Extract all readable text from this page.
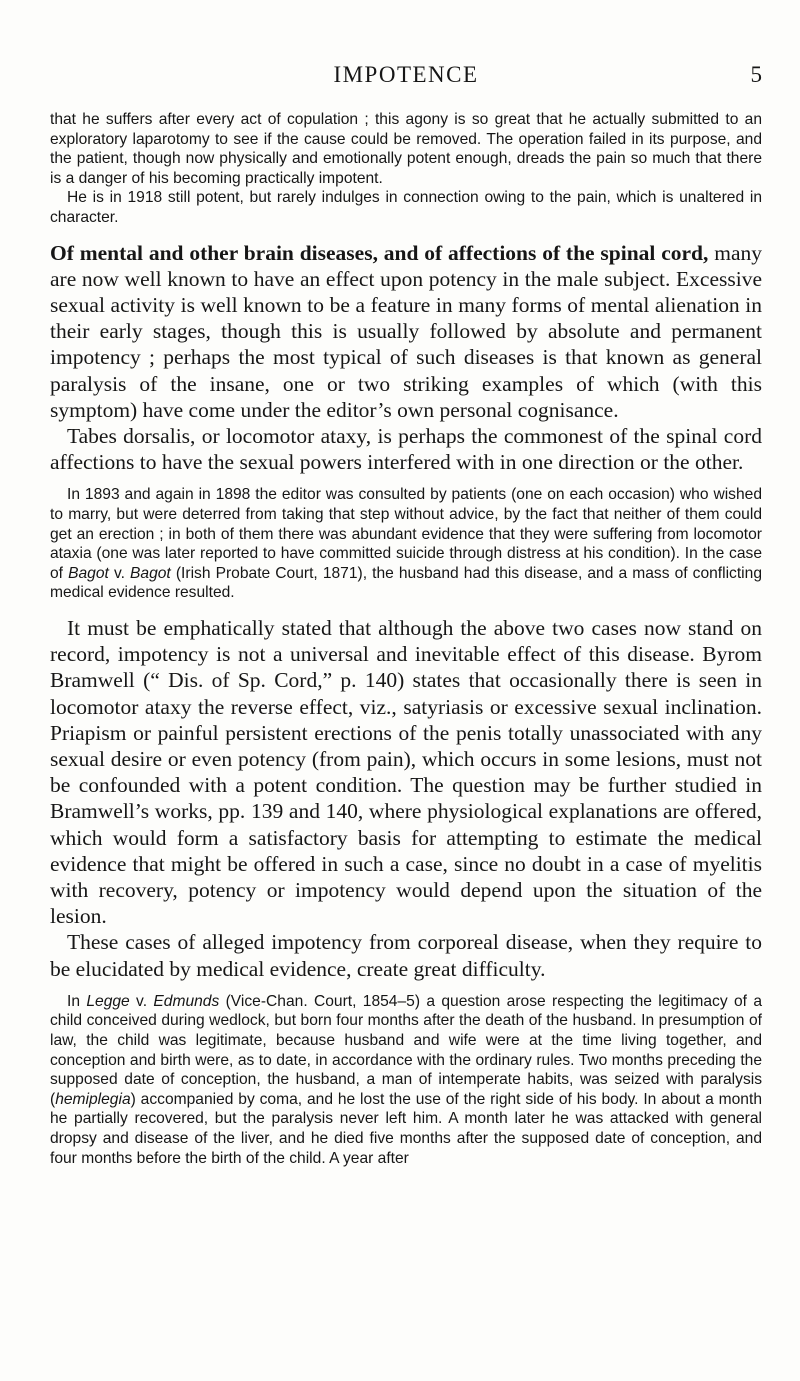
IMPOTENCE	5

that he suffers after every act of copulation ; this agony is so great that he actually submitted to an exploratory laparotomy to see if the cause could be removed. The operation failed in its purpose, and the patient, though now physically and emotionally potent enough, dreads the pain so much that there is a danger of his becoming practically impotent.

He is in 1918 still potent, but rarely indulges in connection owing to the pain, which is unaltered in character.

Of mental and other brain diseases, and of affections of the spinal cord, many are now well known to have an effect upon potency in the male subject. Excessive sexual activity is well known to be a feature in many forms of mental alienation in their early stages, though this is usually followed by absolute and permanent impotency ; perhaps the most typical of such diseases is that known as general paralysis of the insane, one or two striking examples of which (with this symptom) have come under the editor’s own personal cognisance.

Tabes dorsalis, or locomotor ataxy, is perhaps the commonest of the spinal cord affections to have the sexual powers interfered with in one direction or the other.

In 1893 and again in 1898 the editor was consulted by patients (one on each occasion) who wished to marry, but were deterred from taking that step without advice, by the fact that neither of them could get an erection ; in both of them there was abundant evidence that they were suffering from locomotor ataxia (one was later reported to have committed suicide through distress at his condition). In the case of Bagot v. Bagot (Irish Probate Court, 1871), the husband had this disease, and a mass of conflicting medical evidence resulted.

It must be emphatically stated that although the above two cases now stand on record, impotency is not a universal and inevitable effect of this disease. Byrom Bramwell (“ Dis. of Sp. Cord,” p. 140) states that occasionally there is seen in locomotor ataxy the reverse effect, viz., satyriasis or excessive sexual inclination. Priapism or painful persistent erections of the penis totally unassociated with any sexual desire or even potency (from pain), which occurs in some lesions, must not be confounded with a potent condition. The question may be further studied in Bramwell’s works, pp. 139 and 140, where physiological explanations are offered, which would form a satisfactory basis for attempting to estimate the medical evidence that might be offered in such a case, since no doubt in a case of myelitis with recovery, potency or impotency would depend upon the situation of the lesion.

These cases of alleged impotency from corporeal disease, when they require to be elucidated by medical evidence, create great difficulty.

In Legge v. Edmunds (Vice-Chan. Court, 1854–5) a question arose respecting the legitimacy of a child conceived during wedlock, but born four months after the death of the husband. In presumption of law, the child was legitimate, because husband and wife were at the time living together, and conception and birth were, as to date, in accordance with the ordinary rules. Two months preceding the supposed date of conception, the husband, a man of intemperate habits, was seized with paralysis (hemiplegia) accompanied by coma, and he lost the use of the right side of his body. In about a month he partially recovered, but the paralysis never left him. A month later he was attacked with general dropsy and disease of the liver, and he died five months after the supposed date of conception, and four months before the birth of the child. A year after
